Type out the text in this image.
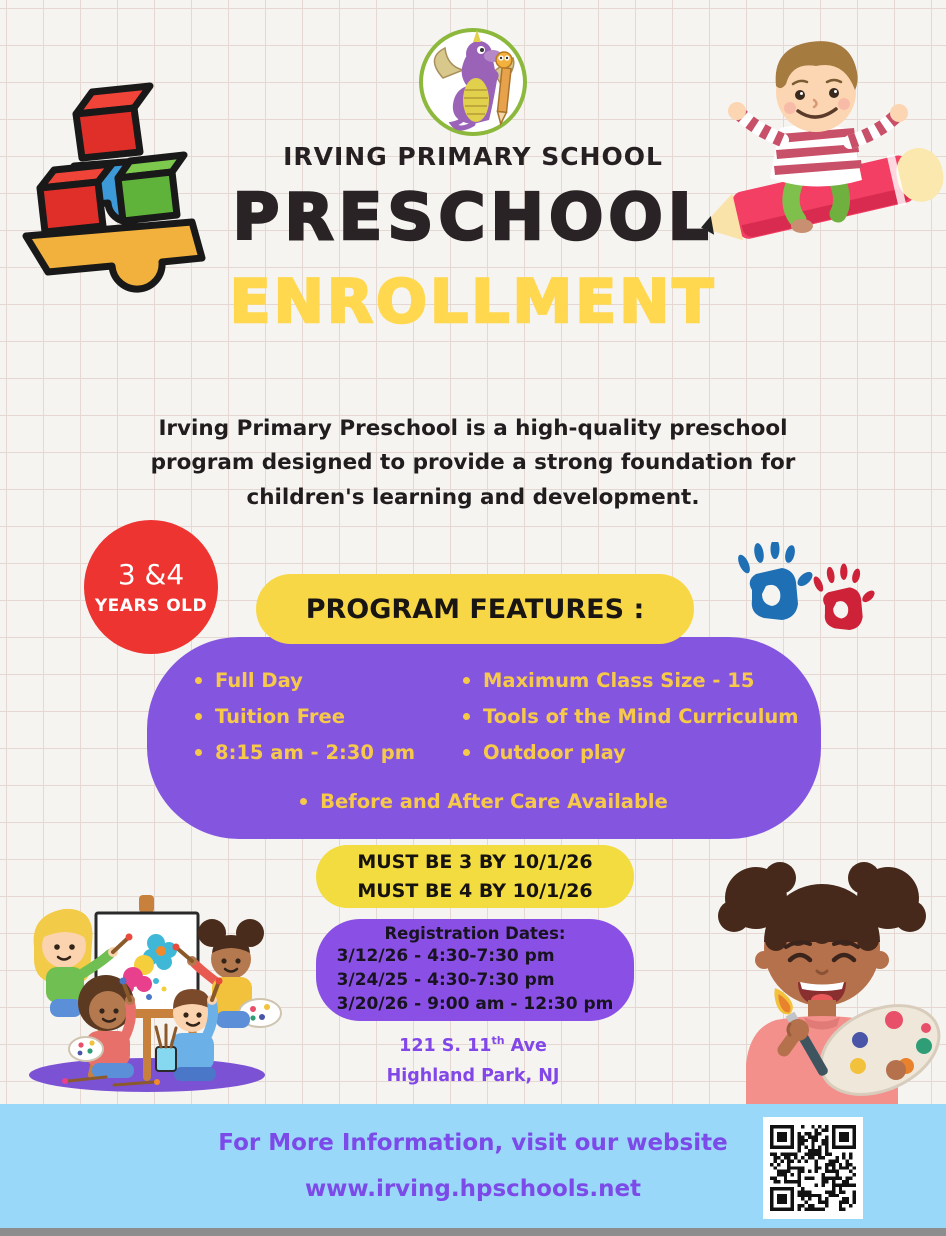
IRVING PRIMARY SCHOOL
PRESCHOOL
ENROLLMENT
Irving Primary Preschool is a high-quality preschool program designed to provide a strong foundation for children's learning and development.
3 &4
YEARS OLD
Full Day
Tuition Free
8:15 am - 2:30 pm
Maximum Class Size - 15
Tools of the Mind Curriculum
Outdoor play
Before and After Care Available
PROGRAM FEATURES :
MUST BE 3 BY 10/1/26
MUST BE 4 BY 10/1/26
Registration Dates:
3/12/26 - 4:30-7:30 pm
3/24/25 - 4:30-7:30 pm
3/20/26 - 9:00 am - 12:30 pm
121 S. 11th Ave
Highland Park, NJ
For More Information, visit our website
www.irving.hpschools.net
